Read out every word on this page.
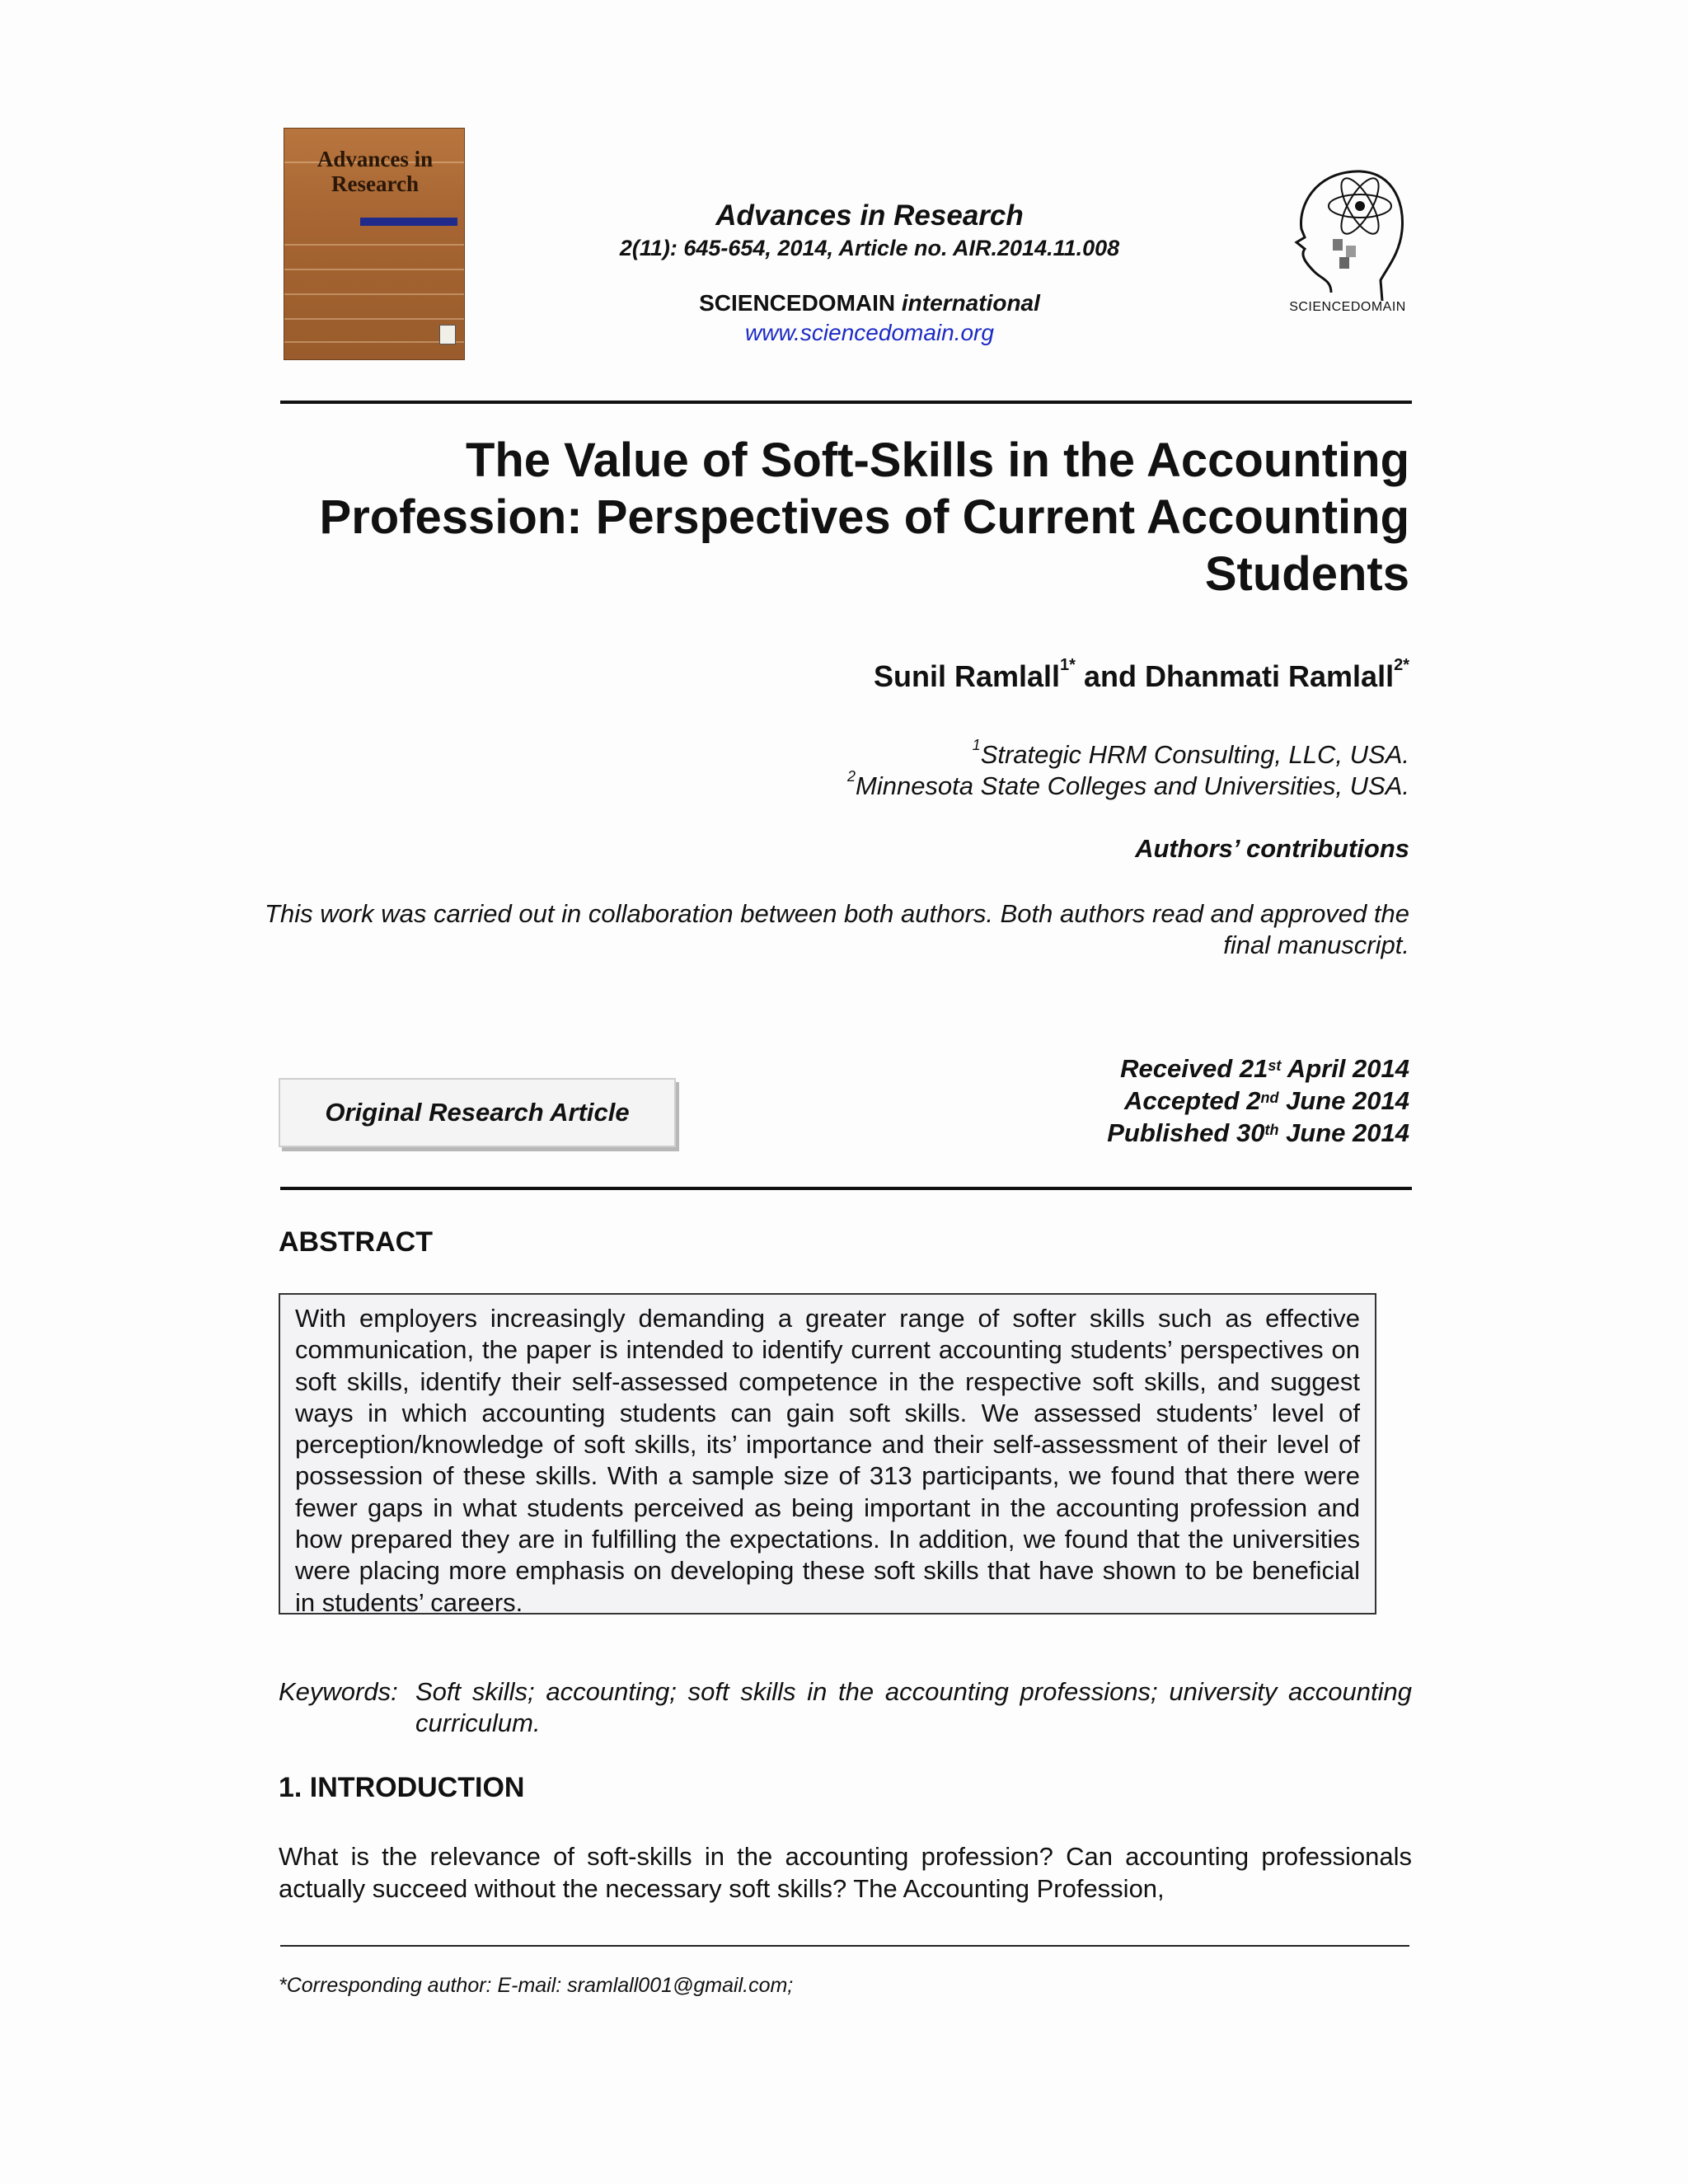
Advances in
Research
Advances in Research
2(11): 645-654, 2014, Article no. AIR.2014.11.008
SCIENCEDOMAIN international
www.sciencedomain.org
SCIENCEDOMAIN
The Value of Soft-Skills in the Accounting Profession: Perspectives of Current Accounting Students
Sunil Ramlall$^{1*}$ and Dhanmati Ramlall$^{2*}$
$^1$Strategic HRM Consulting, LLC, USA.
$^2$Minnesota State Colleges and Universities, USA.
Authors’ contributions
This work was carried out in collaboration between both authors. Both authors read and approved the final manuscript.
Original Research Article
Received 21st April 2014
Accepted 2nd June 2014
Published 30th June 2014
ABSTRACT
With employers increasingly demanding a greater range of softer skills such as effective communication, the paper is intended to identify current accounting students’ perspectives on soft skills, identify their self-assessed competence in the respective soft skills, and suggest ways in which accounting students can gain soft skills. We assessed students’ level of perception/knowledge of soft skills, its’ importance and their self-assessment of their level of possession of these skills. With a sample size of 313 participants, we found that there were fewer gaps in what students perceived as being important in the accounting profession and how prepared they are in fulfilling the expectations. In addition, we found that the universities were placing more emphasis on developing these soft skills that have shown to be beneficial in students’ careers.
Keywords: Soft skills; accounting; soft skills in the accounting professions; university accounting curriculum.
1. INTRODUCTION
What is the relevance of soft-skills in the accounting profession? Can accounting professionals actually succeed without the necessary soft skills? The Accounting Profession,
*Corresponding author: E-mail: sramlall001@gmail.com;
